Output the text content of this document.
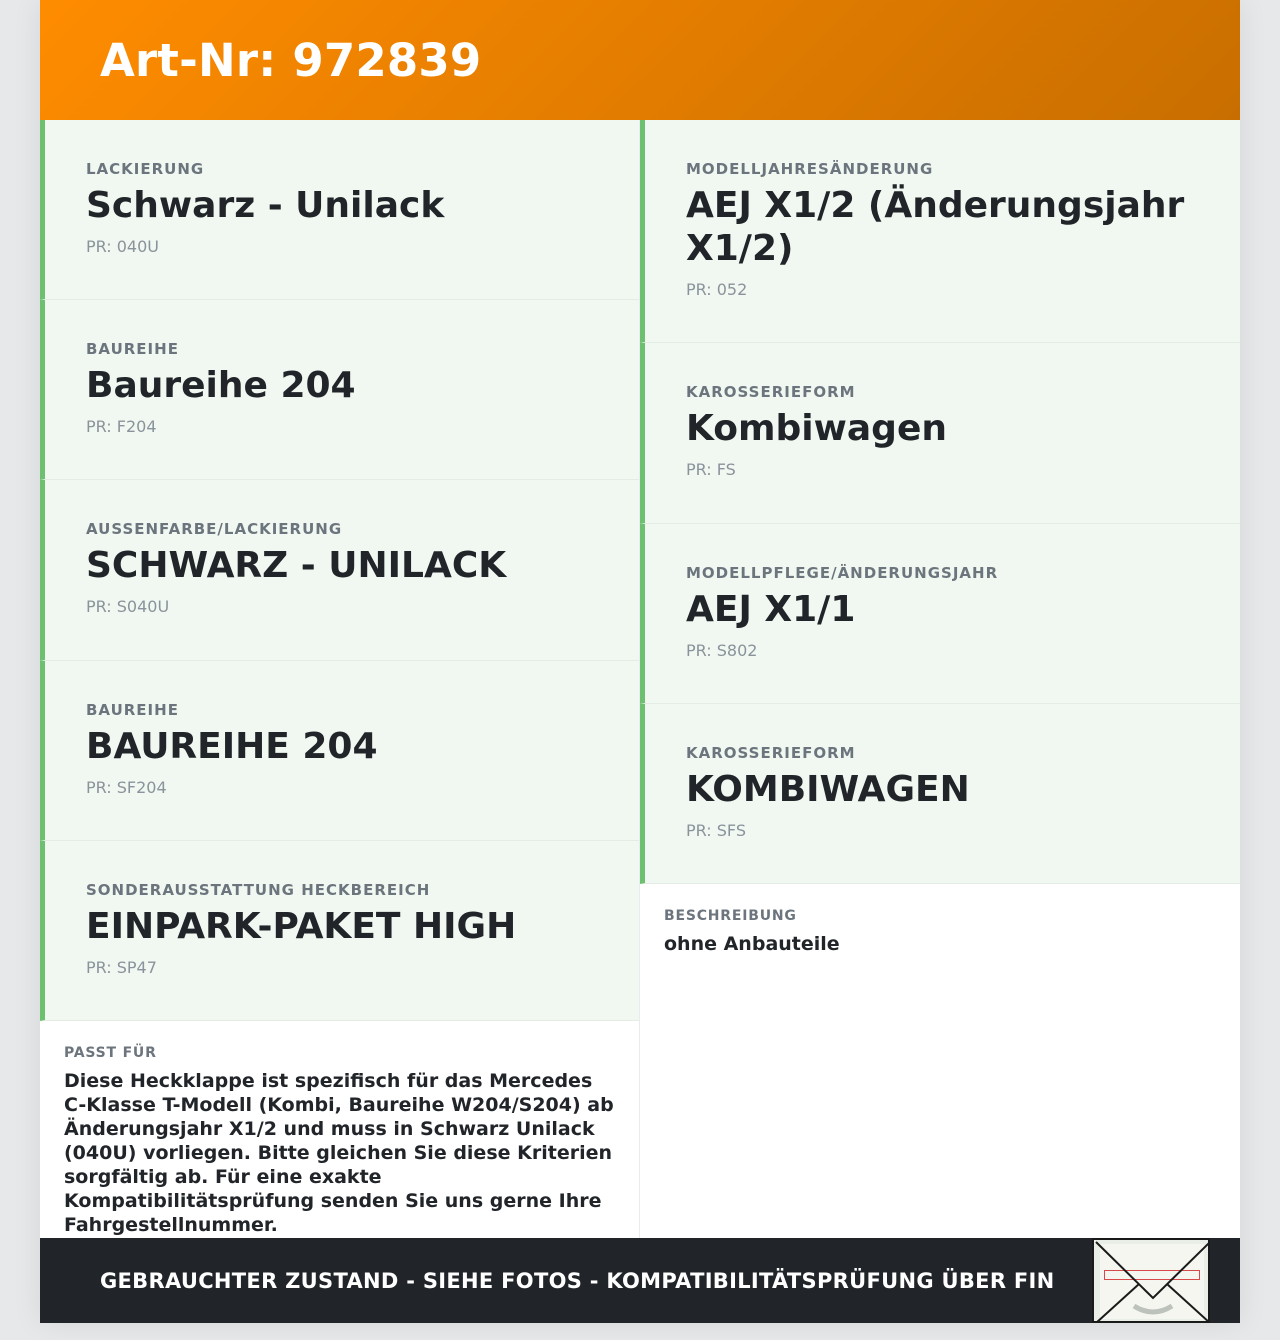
Art-Nr: 972839
LACKIERUNG
Schwarz - Unilack
PR: 040U
BAUREIHE
Baureihe 204
PR: F204
AUSSENFARBE/LACKIERUNG
SCHWARZ - UNILACK
PR: S040U
BAUREIHE
BAUREIHE 204
PR: SF204
SONDERAUSSTATTUNG HECKBEREICH
EINPARK-PAKET HIGH
PR: SP47
PASST FÜR
Diese Heckklappe ist spezifisch für das Mercedes C-Klasse T-Modell (Kombi, Baureihe W204/S204) ab Änderungsjahr X1/2 und muss in Schwarz Unilack (040U) vorliegen. Bitte gleichen Sie diese Kriterien sorgfältig ab. Für eine exakte Kompatibilitätsprüfung senden Sie uns gerne Ihre Fahrgestellnummer.
MODELLJAHRESÄNDERUNG
AEJ X1/2 (Änderungsjahr X1/2)
PR: 052
KAROSSERIEFORM
Kombiwagen
PR: FS
MODELLPFLEGE/ÄNDERUNGSJAHR
AEJ X1/1
PR: S802
KAROSSERIEFORM
KOMBIWAGEN
PR: SFS
BESCHREIBUNG
ohne Anbauteile
GEBRAUCHTER ZUSTAND - SIEHE FOTOS - KOMPATIBILITÄTSPRÜFUNG ÜBER FIN
